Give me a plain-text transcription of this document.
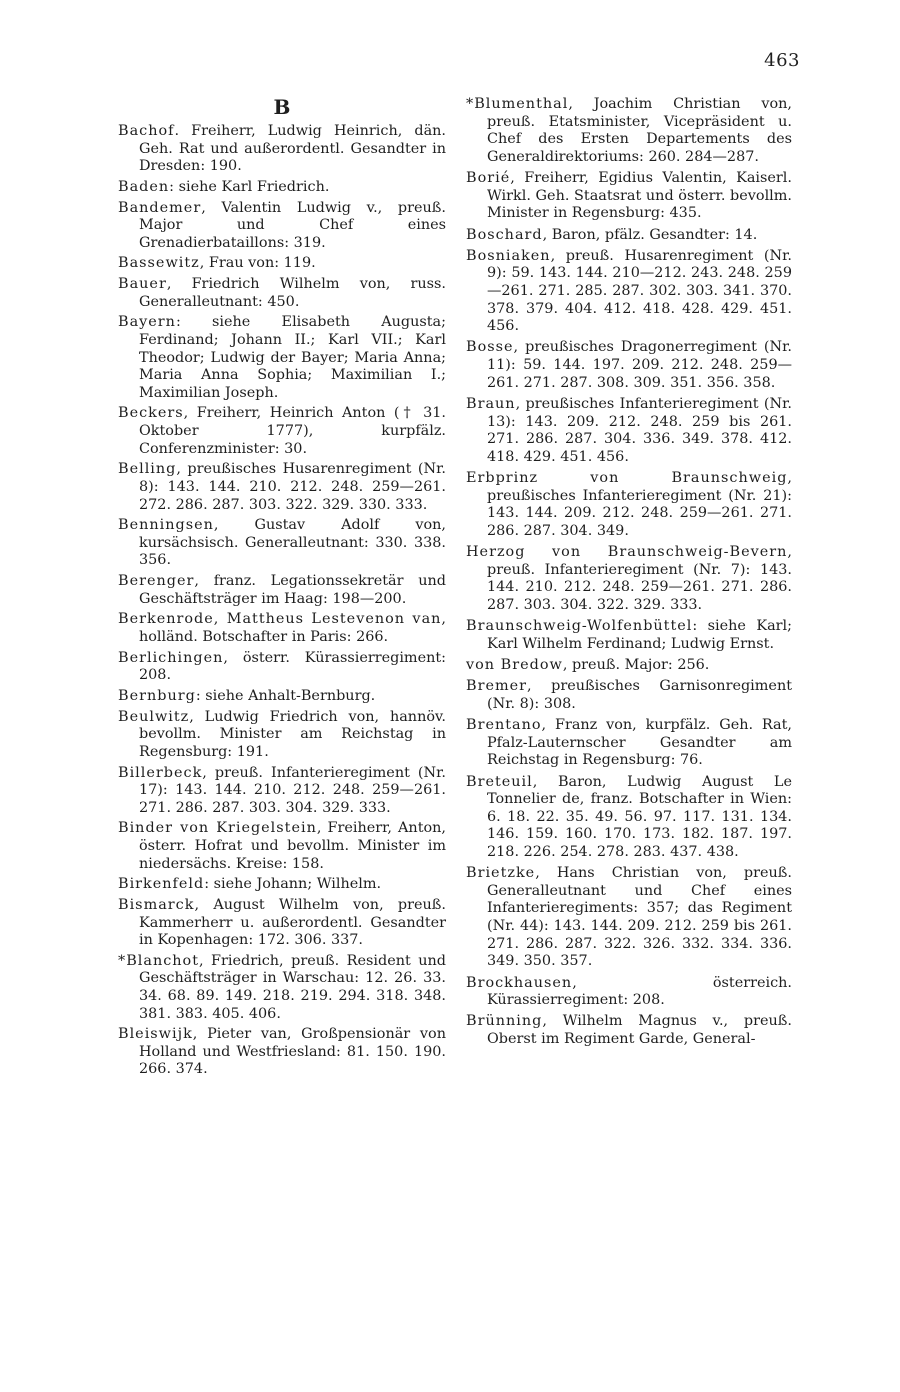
463
B
Bachof. Freiherr, Ludwig Heinrich, dän. Geh. Rat und außerordentl. Gesandter in Dresden: 190.
Baden: siehe Karl Friedrich.
Bandemer, Valentin Ludwig v., preuß. Major und Chef eines Grenadierbataillons: 319.
Bassewitz, Frau von: 119.
Bauer, Friedrich Wilhelm von, russ. Generalleutnant: 450.
Bayern: siehe Elisabeth Augusta; Ferdinand; Johann II.; Karl VII.; Karl Theodor; Ludwig der Bayer; Maria Anna; Maria Anna Sophia; Maximilian I.; Maximilian Joseph.
Beckers, Freiherr, Heinrich Anton († 31. Oktober 1777), kurpfälz. Conferenzminister: 30.
Belling, preußisches Husarenregiment (Nr. 8): 143. 144. 210. 212. 248. 259—261. 272. 286. 287. 303. 322. 329. 330. 333.
Benningsen, Gustav Adolf von, kursächsisch. Generalleutnant: 330. 338. 356.
Berenger, franz. Legationssekretär und Geschäftsträger im Haag: 198—200.
Berkenrode, Mattheus Lestevenon van, holländ. Botschafter in Paris: 266.
Berlichingen, österr. Kürassierregiment: 208.
Bernburg: siehe Anhalt-Bernburg.
Beulwitz, Ludwig Friedrich von, hannöv. bevollm. Minister am Reichstag in Regensburg: 191.
Billerbeck, preuß. Infanterieregiment (Nr. 17): 143. 144. 210. 212. 248. 259—261. 271. 286. 287. 303. 304. 329. 333.
Binder von Kriegelstein, Freiherr, Anton, österr. Hofrat und bevollm. Minister im niedersächs. Kreise: 158.
Birkenfeld: siehe Johann; Wilhelm.
Bismarck, August Wilhelm von, preuß. Kammerherr u. außerordentl. Gesandter in Kopenhagen: 172. 306. 337.
*Blanchot, Friedrich, preuß. Resident und Geschäftsträger in Warschau: 12. 26. 33. 34. 68. 89. 149. 218. 219. 294. 318. 348. 381. 383. 405. 406.
Bleiswijk, Pieter van, Großpensionär von Holland und Westfriesland: 81. 150. 190. 266. 374.
*Blumenthal, Joachim Christian von, preuß. Etatsminister, Vicepräsident u. Chef des Ersten Departements des Generaldirektoriums: 260. 284—287.
Borié, Freiherr, Egidius Valentin, Kaiserl. Wirkl. Geh. Staatsrat und österr. bevollm. Minister in Regensburg: 435.
Boschard, Baron, pfälz. Gesandter: 14.
Bosniaken, preuß. Husarenregiment (Nr. 9): 59. 143. 144. 210—212. 243. 248. 259—261. 271. 285. 287. 302. 303. 341. 370. 378. 379. 404. 412. 418. 428. 429. 451. 456.
Bosse, preußisches Dragonerregiment (Nr. 11): 59. 144. 197. 209. 212. 248. 259—261. 271. 287. 308. 309. 351. 356. 358.
Braun, preußisches Infanterieregiment (Nr. 13): 143. 209. 212. 248. 259 bis 261. 271. 286. 287. 304. 336. 349. 378. 412. 418. 429. 451. 456.
Erbprinz von Braunschweig, preußisches Infanterieregiment (Nr. 21): 143. 144. 209. 212. 248. 259—261. 271. 286. 287. 304. 349.
Herzog von Braunschweig-Bevern, preuß. Infanterieregiment (Nr. 7): 143. 144. 210. 212. 248. 259—261. 271. 286. 287. 303. 304. 322. 329. 333.
Braunschweig-Wolfenbüttel: siehe Karl; Karl Wilhelm Ferdinand; Ludwig Ernst.
von Bredow, preuß. Major: 256.
Bremer, preußisches Garnisonregiment (Nr. 8): 308.
Brentano, Franz von, kurpfälz. Geh. Rat, Pfalz-Lauternscher Gesandter am Reichstag in Regensburg: 76.
Breteuil, Baron, Ludwig August Le Tonnelier de, franz. Botschafter in Wien: 6. 18. 22. 35. 49. 56. 97. 117. 131. 134. 146. 159. 160. 170. 173. 182. 187. 197. 218. 226. 254. 278. 283. 437. 438.
Brietzke, Hans Christian von, preuß. Generalleutnant und Chef eines Infanterieregiments: 357; das Regiment (Nr. 44): 143. 144. 209. 212. 259 bis 261. 271. 286. 287. 322. 326. 332. 334. 336. 349. 350. 357.
Brockhausen, österreich. Kürassierregiment: 208.
Brünning, Wilhelm Magnus v., preuß. Oberst im Regiment Garde, General-
